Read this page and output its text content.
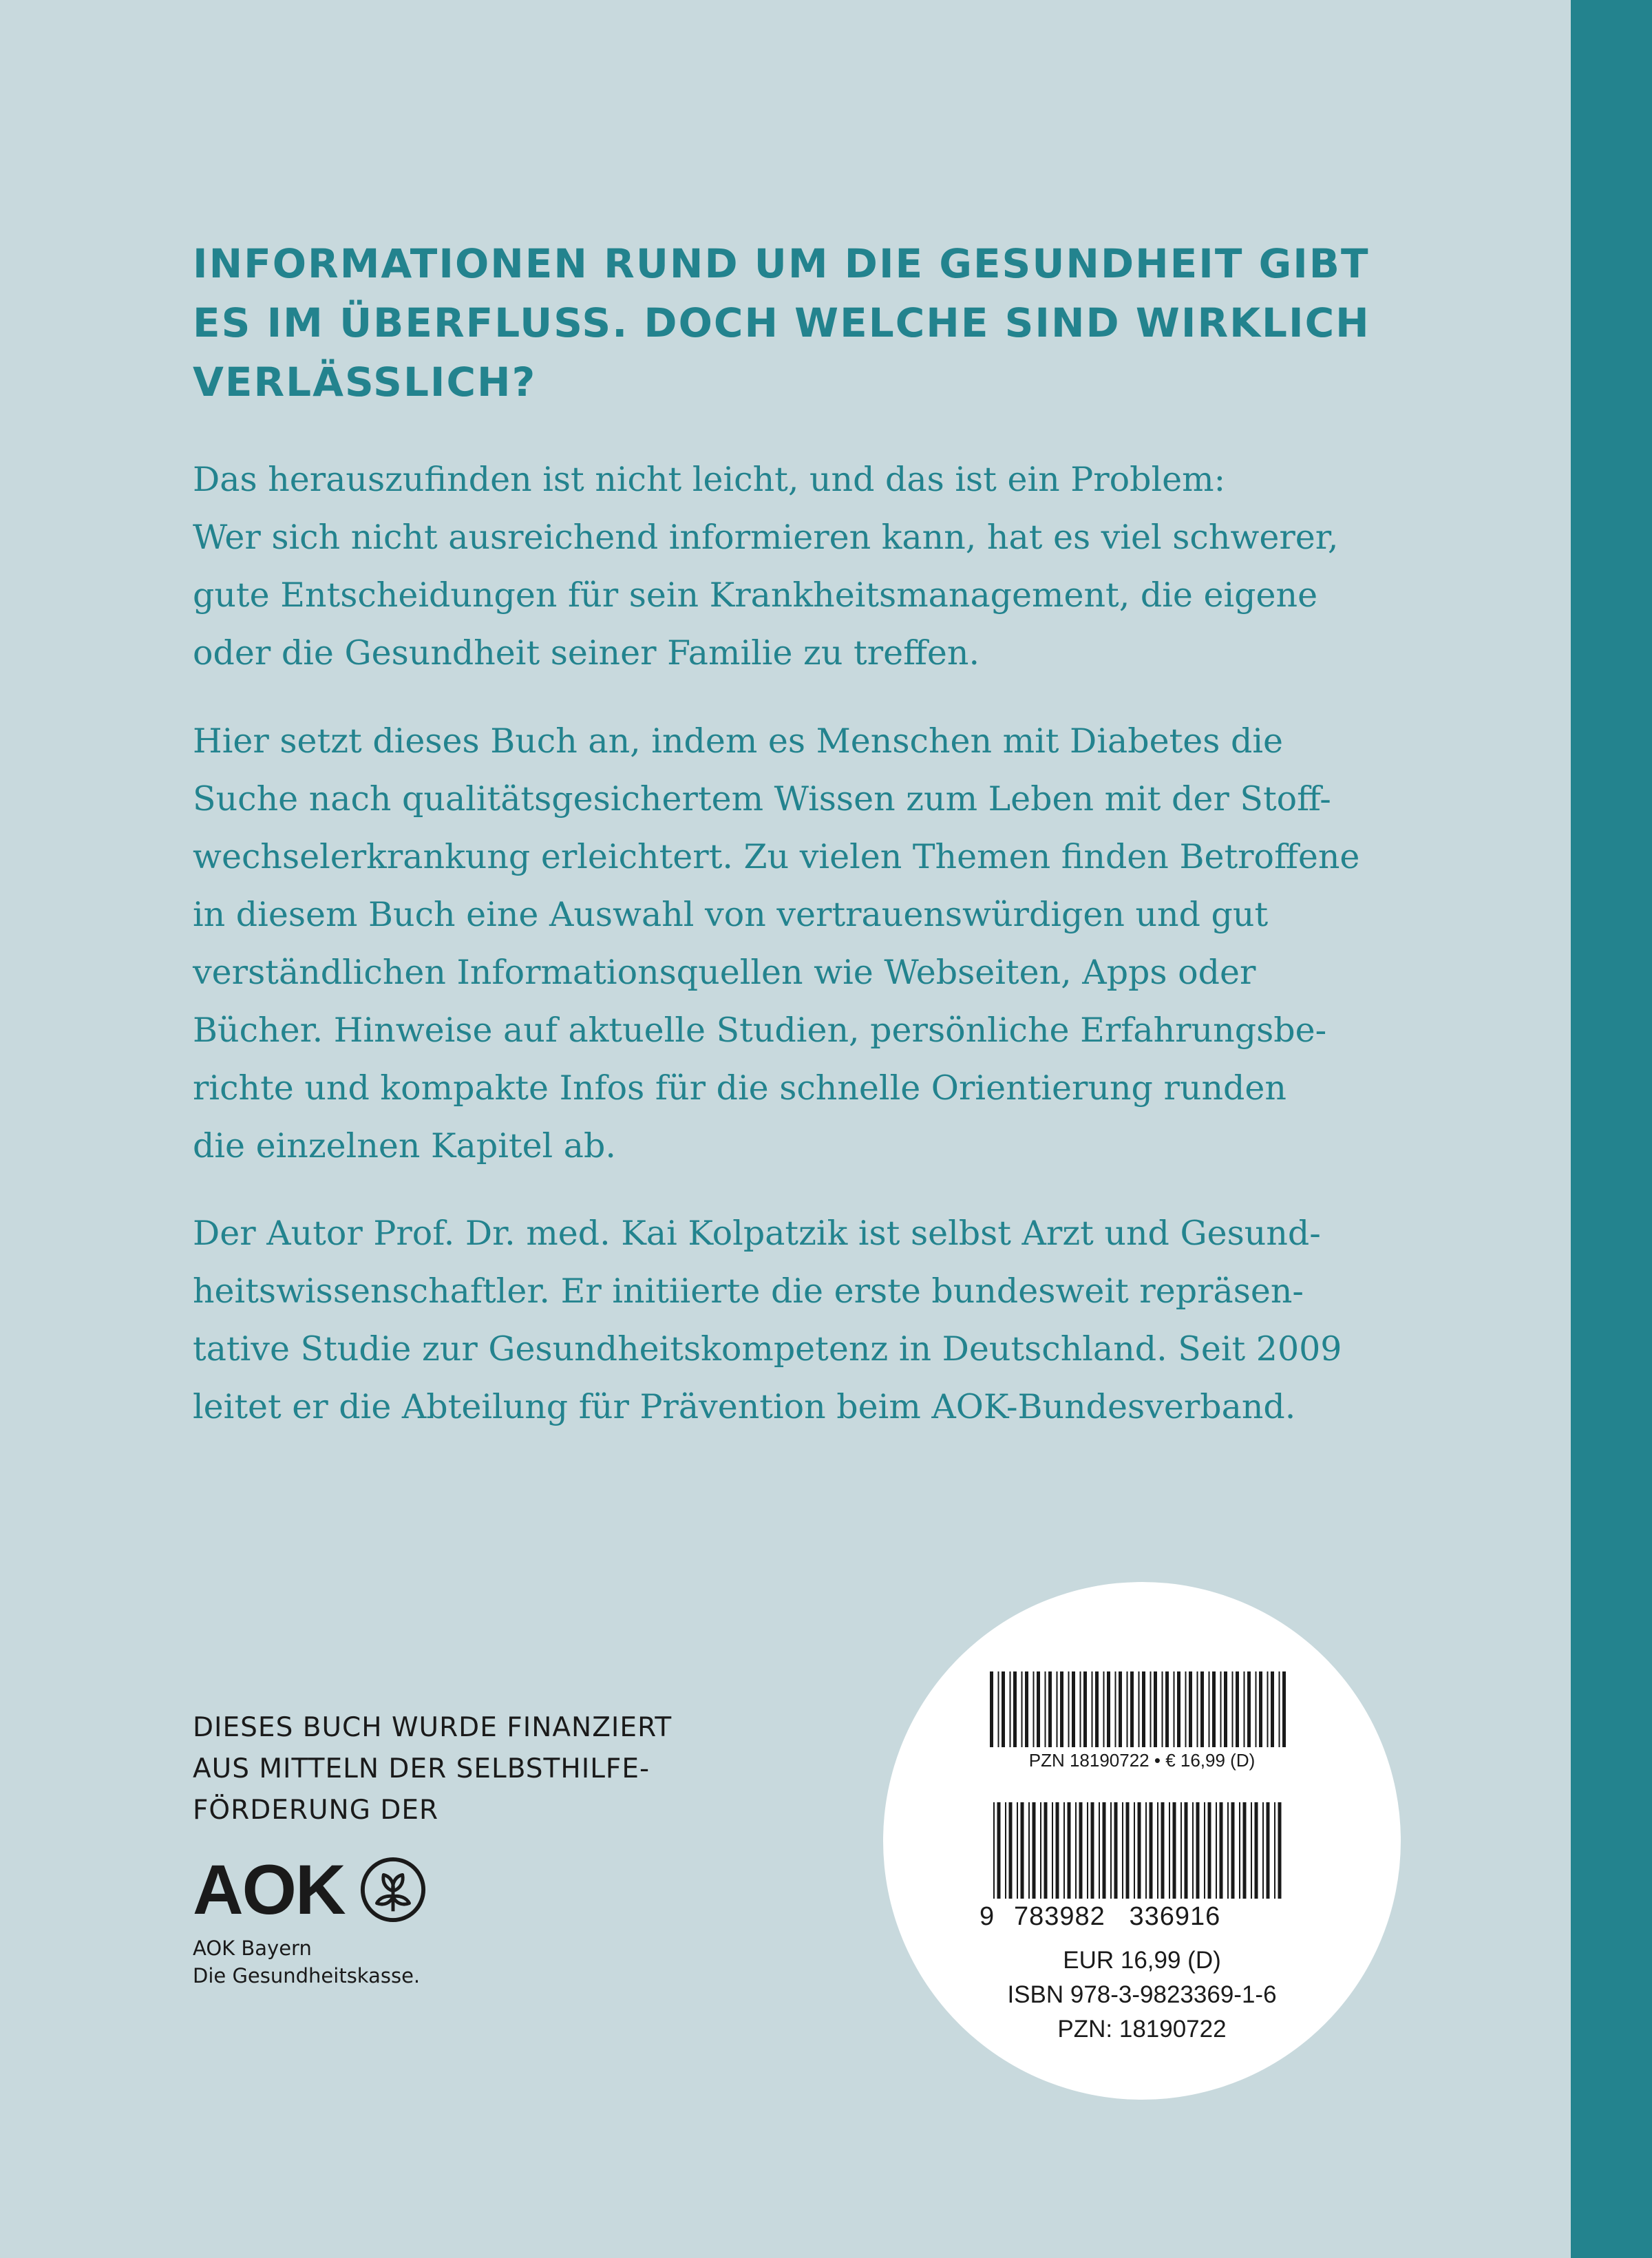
INFORMATIONEN RUND UM DIE GESUNDHEIT GIBT
ES IM ÜBERFLUSS. DOCH WELCHE SIND WIRKLICH
VERLÄSSLICH?

Das herauszufinden ist nicht leicht, und das ist ein Problem:
Wer sich nicht ausreichend informieren kann, hat es viel schwerer,
gute Entscheidungen für sein Krankheitsmanagement, die eigene
oder die Gesundheit seiner Familie zu treffen.

Hier setzt dieses Buch an, indem es Menschen mit Diabetes die
Suche nach qualitätsgesichertem Wissen zum Leben mit der Stoff-
wechselerkrankung erleichtert. Zu vielen Themen finden Betroffene
in diesem Buch eine Auswahl von vertrauenswürdigen und gut
verständlichen Informationsquellen wie Webseiten, Apps oder
Bücher. Hinweise auf aktuelle Studien, persönliche Erfahrungsbe-
richte und kompakte Infos für die schnelle Orientierung runden
die einzelnen Kapitel ab.

Der Autor Prof. Dr. med. Kai Kolpatzik ist selbst Arzt und Gesund-
heitswissenschaftler. Er initiierte die erste bundesweit repräsen-
tative Studie zur Gesundheitskompetenz in Deutschland. Seit 2009
leitet er die Abteilung für Prävention beim AOK-Bundesverband.

DIESES BUCH WURDE FINANZIERT
AUS MITTELN DER SELBSTHILFE-
FÖRDERUNG DER

AOK

AOK Bayern
Die Gesundheitskasse.

PZN 18190722 • € 16,99 (D)
9 783982 336916
EUR 16,99 (D)
ISBN 978-3-9823369-1-6
PZN: 18190722
